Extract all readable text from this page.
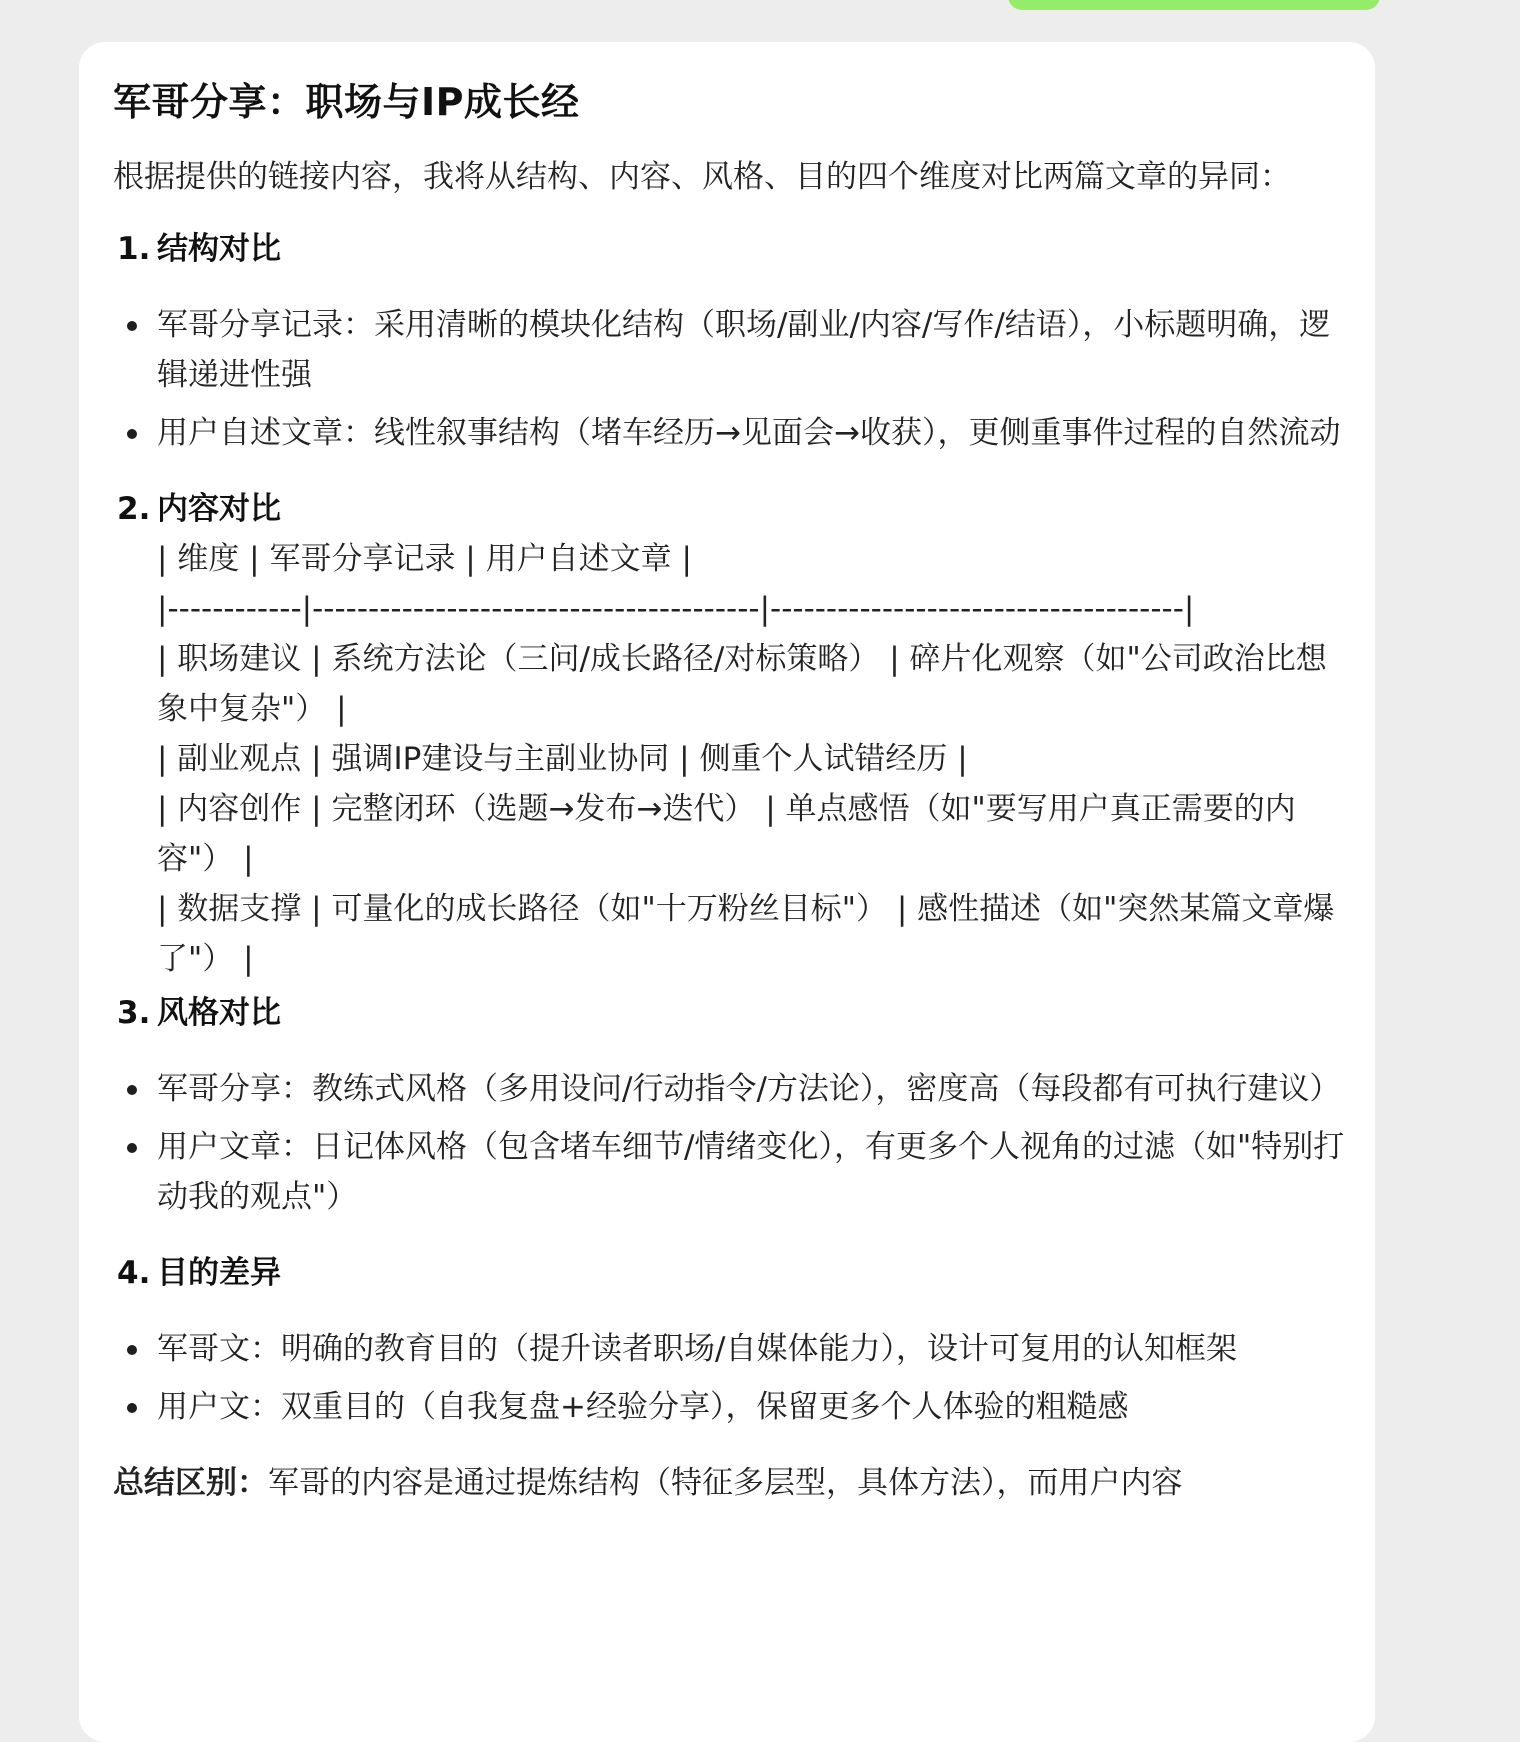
军哥分享：职场与IP成长经

根据提供的链接内容，我将从结构、内容、风格、目的四个维度对比两篇文章的异同：

1. 结构对比
军哥分享记录：采用清晰的模块化结构（职场/副业/内容/写作/结语），小标题明确，逻辑递进性强
用户自述文章：线性叙事结构（堵车经历→见面会→收获），更侧重事件过程的自然流动
2. 内容对比

| 维度 | 军哥分享记录 | 用户自述文章 |

|------------|----------------------------------------|-------------------------------------|

| 职场建议 | 系统方法论（三问/成长路径/对标策略） | 碎片化观察（如"公司政治比想象中复杂"） |

| 副业观点 | 强调IP建设与主副业协同 | 侧重个人试错经历 |

| 内容创作 | 完整闭环（选题→发布→迭代） | 单点感悟（如"要写用户真正需要的内容"） |

| 数据支撑 | 可量化的成长路径（如"十万粉丝目标"） | 感性描述（如"突然某篇文章爆了"） |

3. 风格对比
军哥分享：教练式风格（多用设问/行动指令/方法论），密度高（每段都有可执行建议）
用户文章：日记体风格（包含堵车细节/情绪变化），有更多个人视角的过滤（如"特别打动我的观点"）
4. 目的差异
军哥文：明确的教育目的（提升读者职场/自媒体能力），设计可复用的认知框架
用户文：双重目的（自我复盘+经验分享），保留更多个人体验的粗糙感

总结区别：军哥的内容是通过提炼结构（特征多层型，具体方法），而用户内容
